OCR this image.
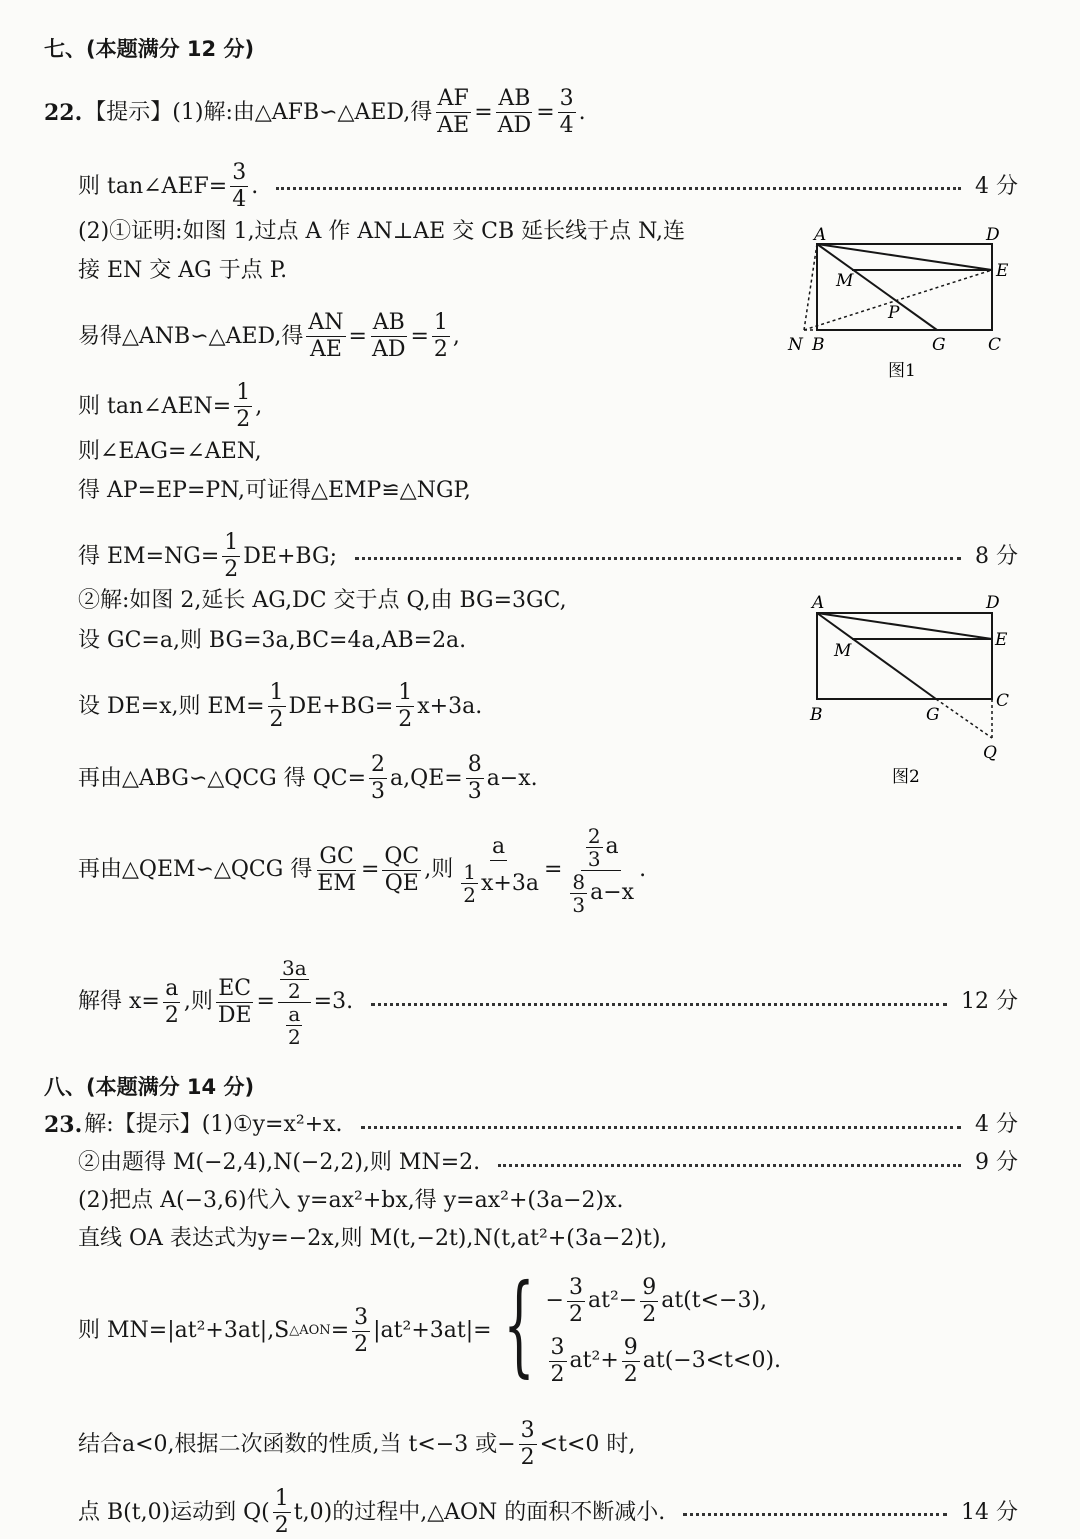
七、(本题满分 12 分)
22. 【提示】 (1)解:由△AFB∽△AED,得 $\frac{AF}{AE} = \frac{AB}{AD} = \frac{3}{4}$ .
则 tan∠AEF= $\frac{3}{4}$ .	4 分
(2)①证明:如图 1,过点 A 作 AN⊥AE 交 CB 延长线于点 N,连
接 EN 交 AG 于点 P.
易得△ANB∽△AED,得 $\frac{AN}{AE} = \frac{AB}{AD} = \frac{1}{2}$ ,
则 tan∠AEN= $\frac{1}{2}$ ,
则∠EAG=∠AEN,
得 AP=EP=PN,可证得△EMP≌△NGP,
得 $EM=NG= \frac{1}{2} DE+BG$;	8 分
②解:如图 2,延长 AG,DC 交于点 Q,由 BG=3GC,
设 GC=a,则 BG=3a,BC=4a,AB=2a.
设 DE=x,则 $EM= \frac{1}{2} DE+BG= \frac{1}{2} x+3a$.
再由△ABG∽△QCG 得 $QC= \frac{2}{3} a,QE= \frac{8}{3} a-x$.
再由△QEM∽△QCG 得 $\frac{GC}{EM} = \frac{QC}{QE}$ ,则 $\frac{a}{\frac{1}{2} x+3a} = \frac{\frac{2}{3} a}{\frac{8}{3} a-x}$ .
解得 $x= \frac{a}{2}$ ,则 $\frac{EC}{DE} = \frac{\frac{3a}{2}}{\frac{a}{2}} =3$.	12 分
八、(本题满分 14 分)
23. 解: 【提示】 (1)①y=x²+x.	4 分
②由题得 M(−2,4),N(−2,2),则 MN=2.	9 分
(2)把点 A(−3,6)代入 y=ax²+bx,得 y=ax²+(3a−2)x.
直线 OA 表达式为y=−2x,则 M(t,−2t),N(t,at²+(3a−2)t),
则 MN=|at²+3at|,S △AON = $\frac{3}{2} |at^2+3at|=$ { − $\frac{3}{2} at^2- \frac{9}{2} at(t<-3)$,
$\frac{3}{2} at^2+ \frac{9}{2} at(-3<t<0)$.
结合a<0,根据二次函数的性质,当 t<−3 或− $\frac{3}{2} <t<0$ 时,
点 B(t,0)运动到 $Q( \frac{1}{2} t,0)$的过程中,△AON 的面积不断减小.	14 分
A	D
E
M
P
N B	G C
图1
A	D
E
M
B	G
C
Q
图2
